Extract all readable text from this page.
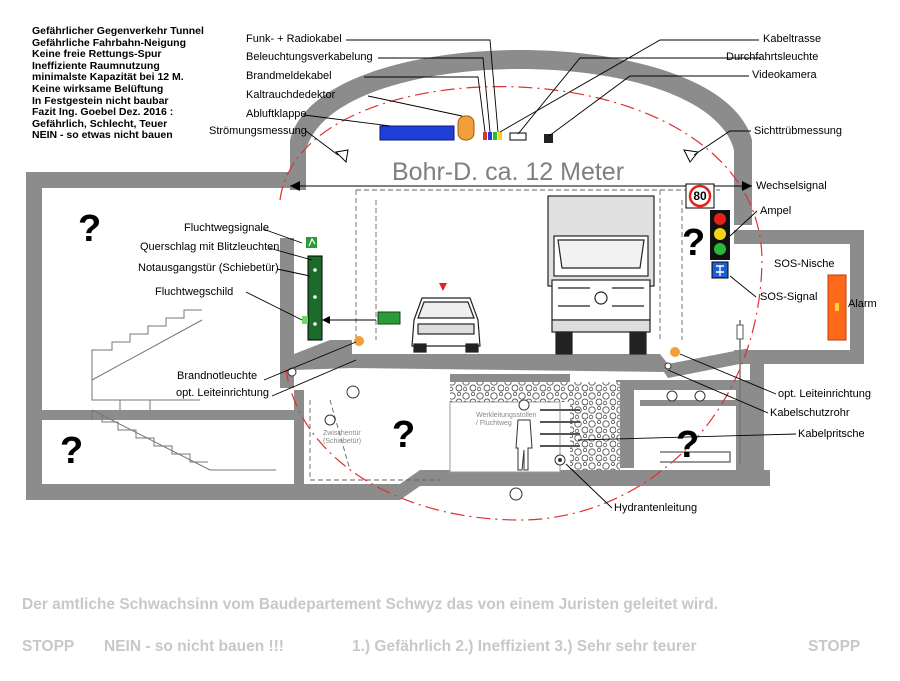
80
Gefährlicher Gegenverkehr Tunnel
Gefährliche Fahrbahn-Neigung
Keine freie Rettungs-Spur
Ineffiziente Raumnutzung
minimalste Kapazität bei 12 M.
Keine wirksame Belüftung
In Festgestein nicht baubar
Fazit Ing. Goebel Dez. 2016 :
Gefährlich, Schlecht, Teuer
NEIN - so etwas nicht bauen
Bohr-D. ca. 12 Meter
?	?
?
?	?
Funk- + Radiokabel
Beleuchtungsverkabelung
Brandmeldekabel
Kaltrauchdedektor
Abluftklappe
Strömungsmessung
Kabeltrasse
Durchfahrtsleuchte
Videokamera
Sichttrübmessung
Wechselsignal
Ampel
SOS-Nische
Alarm
SOS-Signal
Fluchtwegsignale
Querschlag mit Blitzleuchten
Notausgangstür (Schiebetür)
Fluchtwegschild
Brandnotleuchte
opt. Leiteinrichtung	opt. Leiteinrichtung
Kabelschutzrohr
Kabelpritsche
Hydrantenleitung
Zwischentür (Schiebetür)
Werkleitungsstollen / Fluchtweg
Der amtliche Schwachsinn vom Baudepartement Schwyz das von einem Juristen geleitet wird.
STOPP NEIN - so nicht bauen !!!	1.) Gefährlich 2.) Ineffizient 3.) Sehr sehr teurer	STOPP
